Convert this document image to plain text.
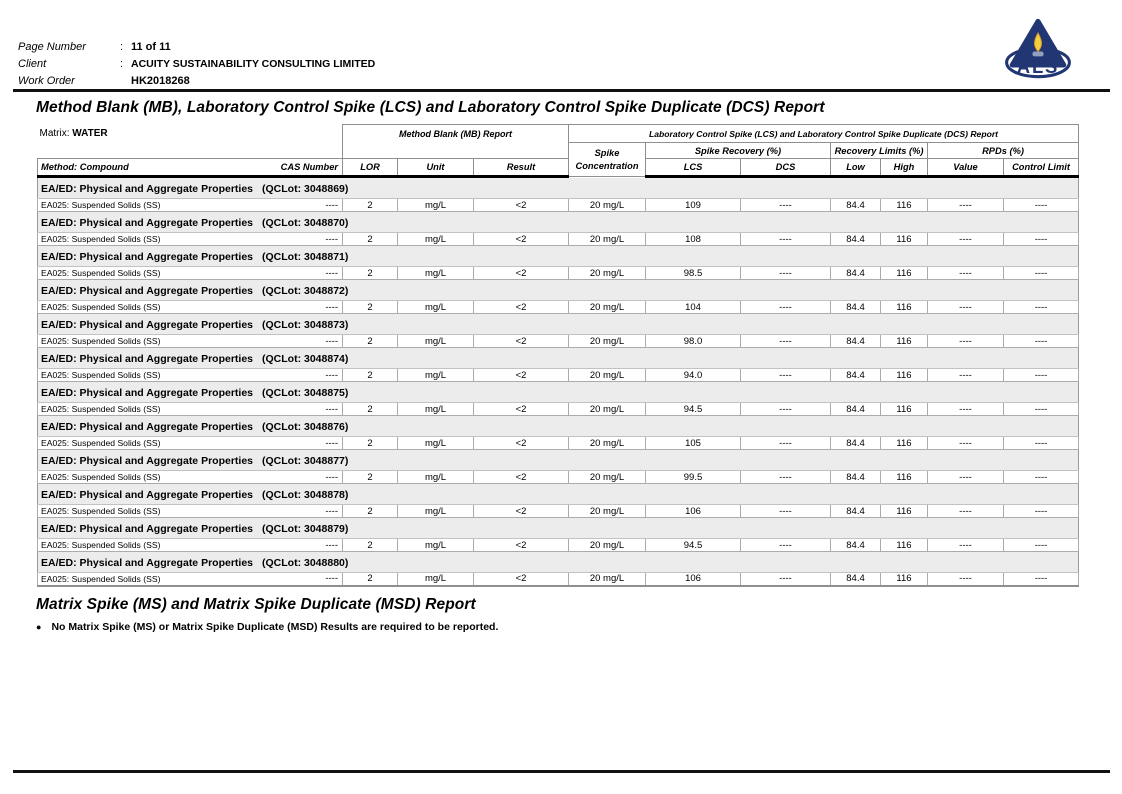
Page Number	: 11 of 11
Client	: ACUITY SUSTAINABILITY CONSULTING LIMITED
Work Order	HK2018268
ALS
Method Blank (MB), Laboratory Control Spike (LCS) and Laboratory Control Spike Duplicate (DCS) Report
Matrix: WATER	Method Blank (MB) Report			Laboratory Control Spike (LCS) and Laboratory Control Spike Duplicate (DCS) Report						
				Spike
Concentration	Spike Recovery (%)		Recovery Limits (%)		RPDs (%)	

Method: Compound CAS Number	LOR	Unit	Result		LCS	DCS	Low	High	Value	Control Limit
EA/ED: Physical and Aggregate Properties (QCLot: 3048869)										

EA025: Suspended Solids (SS) ----	2	mg/L	<2	20 mg/L	109	----	84.4	116	----	----
EA/ED: Physical and Aggregate Properties (QCLot: 3048870)										

EA025: Suspended Solids (SS) ----	2	mg/L	<2	20 mg/L	108	----	84.4	116	----	----
EA/ED: Physical and Aggregate Properties (QCLot: 3048871)										

EA025: Suspended Solids (SS) ----	2	mg/L	<2	20 mg/L	98.5	----	84.4	116	----	----
EA/ED: Physical and Aggregate Properties (QCLot: 3048872)										

EA025: Suspended Solids (SS) ----	2	mg/L	<2	20 mg/L	104	----	84.4	116	----	----
EA/ED: Physical and Aggregate Properties (QCLot: 3048873)										

EA025: Suspended Solids (SS) ----	2	mg/L	<2	20 mg/L	98.0	----	84.4	116	----	----
EA/ED: Physical and Aggregate Properties (QCLot: 3048874)										

EA025: Suspended Solids (SS) ----	2	mg/L	<2	20 mg/L	94.0	----	84.4	116	----	----
EA/ED: Physical and Aggregate Properties (QCLot: 3048875)										

EA025: Suspended Solids (SS) ----	2	mg/L	<2	20 mg/L	94.5	----	84.4	116	----	----
EA/ED: Physical and Aggregate Properties (QCLot: 3048876)										

EA025: Suspended Solids (SS) ----	2	mg/L	<2	20 mg/L	105	----	84.4	116	----	----
EA/ED: Physical and Aggregate Properties (QCLot: 3048877)										

EA025: Suspended Solids (SS) ----	2	mg/L	<2	20 mg/L	99.5	----	84.4	116	----	----
EA/ED: Physical and Aggregate Properties (QCLot: 3048878)										

EA025: Suspended Solids (SS) ----	2	mg/L	<2	20 mg/L	106	----	84.4	116	----	----
EA/ED: Physical and Aggregate Properties (QCLot: 3048879)										

EA025: Suspended Solids (SS) ----	2	mg/L	<2	20 mg/L	94.5	----	84.4	116	----	----
EA/ED: Physical and Aggregate Properties (QCLot: 3048880)										

EA025: Suspended Solids (SS) ----	2	mg/L	<2	20 mg/L	106	----	84.4	116	----	----
Matrix Spike (MS) and Matrix Spike Duplicate (MSD) Report
● No Matrix Spike (MS) or Matrix Spike Duplicate (MSD) Results are required to be reported.
